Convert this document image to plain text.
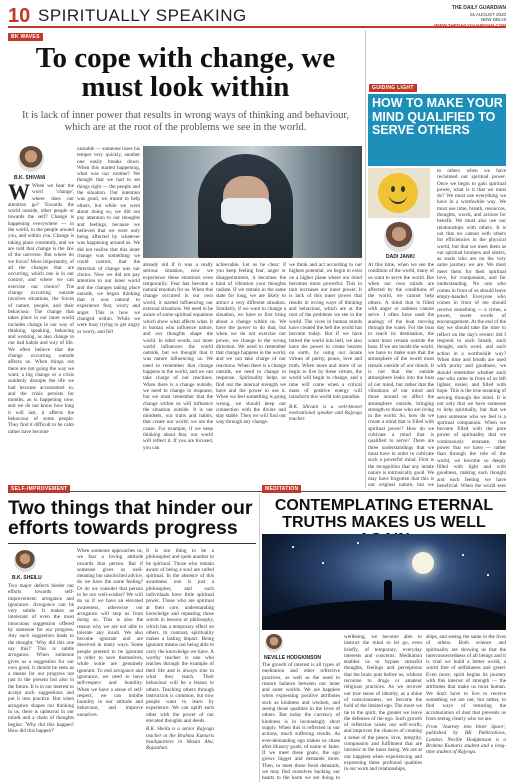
10 SPIRITUALLY SPEAKING	THE DAILY GUARDIAN
01 AUGUST 2020
NEW DELHI
WWW.THEDAILYGUARDIAN.COM
BK WAVES
To cope with change, we must look within
It is lack of inner power that results in wrong ways of thinking and behaviour, which are at the root of the problems we see in the world.
B.K. SHIVANI
W When we hear the word 'change', where does our attention go? Towards the world outside, other people or towards the self? Change is happening everywhere — in the world, in the people around you, and within you. Change is taking place constantly, and we are told that change is the law of the universe. But where do we focus? More importantly, of all the changes that are occurring, which one is in our control, and where we can exercise our choice? The change occurring outside involves situations, the forces of nature, people, and their behaviour. The change that takes place in our inner world includes change in our way of thinking, speaking, behaving and working, as also change in our bad habits and way of life. We often believe that the change occurring outside affects us. When things out there are not going the way we want, a big change or a crisis suddenly disrupts the life we had become accustomed to, and the crisis persists for months, as is happening now, and we do not know how long it will last, it affects the behaviour of some people. They find it difficult to be calm rather have become
unstable — someone loses his temper very quickly, another one easily breaks down. When this started happening, what was our routine? We thought that we had to set things right — the people and the situation. Our intention was good, we meant to help others, but while we went about doing so, we did not pay attention to our thoughts and feelings, because we believed that we were only being affected by whatever was happening around us. We did not realize that this inner change was something we could control, that the direction of change was our choice. Now we did not pay attention to our inner world and the changes taking place outside, we began thinking that it was natural to experience fear, worry and anger. This is how we changed within. While we were busy trying to get angry or worry, and fell
already old if it was a really serious situation, now we experience these emotions even temporarily. Fear has become a natural emotion for us. When this change occurred in our own world, it started influencing our external situations. We need to be aware of some spiritual equations which show what affects what. It is human who influence nature, and our thoughts shape the world. In other words, our inner world influences the world outside, but we thought that it was nature influencing us. We need to remember that change happens in the world, and we can take charge of our reactions. When there is a change outside, we need to change in response, but we must remember that the change within us will influence the situation outside. It is our mindsets, our traits and habits, that create our world; we are the cause. For example, if we keep thinking about fear, our world will reflect it. If you are focused, you can
achievable. Let us be clear: if you keep feeling fear, anger or disappointment, it becomes the kind of vibration your thoughts radiate. If we remain in the same state for long, we are likely to attract a very different situation. Similarly, if we want to change a situation, we have to first bring about a change within us. We have the power to do that, but when we do not exercise our power, we change in the wrong direction. We need to remember that change happens in the world, and we can take charge of our reactions. When there is a change outside, we need to change in response. Spirituality helps us find out the internal strength we have and the power to use it. When we feel something is going wrong, we should keep our connection with the divine and stay stable. Then we will find our way through any change.
we think and act according to our highest potential, we begin to exist on a higher plane where our mind becomes more powerful. This in turn increases our inner power. It is lack of this inner power that results in wrong ways of thinking and behaviour, which are at the root of the problems we see in the world. The vices in human minds have created the hell the world has become today. But if we have turned the world into hell, we also have the power to create heaven on earth, by using our innate virtues of purity, peace, love and truth. When more and more of us begin to live by these virtues, the world will begin to change, and a time will come when a critical mass of positive energy will transform this world into paradise.

B.K. Shivani is a well-known motivational speaker and Rajyoga teacher.

GUIDING LIGHT
HOW TO MAKE YOUR MIND QUALIFIED TO SERVE OTHERS
DADI JANKI
At this time, when we see the condition of the world, many of us want to serve the world. But when our own minds are affected by the conditions of the world, we cannot help others. A mind that is filled with anger or sadness cannot serve. I often have used the analogy of the boat moving through the water. For the boat to reach its destination, the water must remain outside the boat. If we are inside the world, we have to make sure that the atmosphere of the world must remain outside of our minds. It is not that the outside atmosphere leaks into the boat of our mind, but rather that the vibrations of our mind and those around us affect the atmosphere outside, bringing strength to those who are living in the world. So, how do we create a mind that is filled with spiritual power? How do we cultivate a mind that is qualified to serve? There are three understandings that we must have in order to cultivate such a powerful mind. First is the recognition that any innate nature is intrinsically good. We may have forgotten that this is our original nature, but we
to others when we have reclaimed our spiritual power. Once we begin to gain spiritual power, what is it that we must do? We must use everything we have in a worthwhile way. We must use time, breath, resources, thoughts, words, and actions for benefit. We must also use our relationships with others. It is not that we cannot with others for efficiencies in the physical world, but that we meet them as our spiritual brothers and sisters, as souls who are on the very same journey we are. We must meet them for their spiritual love, for compassion, and for understanding. No one who comes in front of us should leave empty-handed. Everyone who comes in front of me should receive something — a virtue, a power, sweet words of encouragement. At the end of the day we should take the time to reflect on the day's events: did I respond to each breath, each thought, each word, and each action in a worthwhile way? When time and breath are used with purity and goodness, we should remember whether each one who came in front of us left lighter, easier, and filled with hope. This is the true meaning of serving through the mind. It is not only that we have someone to help spiritually, but that we have someone who we feel is a spiritual companion. When we become filled with the pure power of spirituality that we continuously emanate, that power that we have — rather than through the role of the world, we become so deeply filled with light and with goodness, making each thought and each feeling we have beneficial. When the world sees

SELF-IMPROVEMENT
Two things that hinder our efforts towards progress
B.K. SHEILU
Two major defects hinder our efforts towards self-improvement: arrogance and ignorance. Arrogance can be very subtle. It makes us intolerant of even the most innocuous suggestion offered by someone for our progress. Any such suggestion leads to the thought: 'Why did this one say this?' This is subtle arrogance. When someone gives us a suggestion for our own good, it should be seen as a means for our progress not just in the present but also in the future. It is in our interest to accept such suggestions and put it into practice. But when arrogance shapes our thinking in us, there is upheaval in our minds and a chain of thoughts begins: 'Why did this happen? How did this happen?'
When someone approaches us, we fear a loving attitude towards that person. But if someone gives us well-meaning but unsolicited advice, do we have the same feeling? Or do we consider that person to be our well-wisher? We will do so if we have an elevated awareness, otherwise our arrogance will stop us from doing so. This is also the reason why we are not able to tolerate any insult. We also become ignorant and are deceived in many ways. Some people pretend to be ignorant in order to save themselves, while some are genuinely ignorant. To end arrogance and ignorance, we need to have self-respect and humility. When we have a sense of self-respect, we can imbibe humility in our attitude and behaviour, and improve ourselves.
It is our thing to be a philosopher and quite another to be spiritual. Those who remain aware of being a soul are called spiritual. In the absence of this awareness one is just a philosopher, and such individuals have little spiritual power. Those who are spiritual at their core, understanding knowledge and repeating those words in lessons or philosophy, which has a temporary effect on others. In contrast, spirituality makes a lasting impact. Being ignorant means not being able to carry the knowledge we have. A worthy teacher is one who teaches through the example of their life and is always true to what they teach. Their behaviour will be a lesson to others. Teaching others through instruction is common, but now people want to learn by experience. We can uplift each other with the power of our elevated thoughts and deeds.

B.K. Sheilu is a senior Rajyoga teacher at the Brahma Kumaris headquarters in Mount Abu, Rajasthan.

MEDITATION
CONTEMPLATING ETERNAL TRUTHS MAKES US WELL
NEVILLE HODGKINSON
The growth of interest is all types of meditation and other reflective practices, as well as the need to restore balance between our inner and outer worlds. We are happiest when expressing positive attributes such as kindness and wisdom, and seeing those qualities in the lives of others. But today the currency of kindness is in increasingly short supply. When this is reflected in our actions, much suffering results. As ever-demanding ego makes us chase after illusory goals, of name or fame. If we meet these goals, the ego grows bigger and demands more. Then, to meet those fresh demands, we may find ourselves backing our hearts to the harm we are doing to
wellbeing, we become able to instruct the mind to let go, even briefly, of temporary, everyday interests and concerns. Meditation enables us to bypass stressful thoughts, feelings and perceptions that the brain puts before us, without recourse to drugs or amateur religious practices. As we recover our true sense of identity, as a shine of consciousness, we become the hold of the limited ego. The more we tie to the spirit, the greater we leave the defenses of the ego. Such growth of reflection raises our self-worth, and improves the chances of creating a sense of the peace, love, integrity, compassion and fulfilment that are intrinsic to the inner being. We are at our happiest when experiencing and expressing these profound qualities in our work and relationships,
ships, and seeing the same in the lives of others. Both science and spirituality are showing us that the interconnectedness of all beings and it is vital we build a better world, a world free of selfishness and greed. Even more, spirit begins its journey with this interior of strength — the attributes that make us most human. We don't have to live to receive something we are not, but rather, to find ways of restoring the accumulation of dust that prevents us from seeing clearly who we are.

From 'Journey into Inner Space', published by BK Publications, London. Neville Hodgkinson is a Brahma Kumaris student and a long-time student of Rajyoga.
